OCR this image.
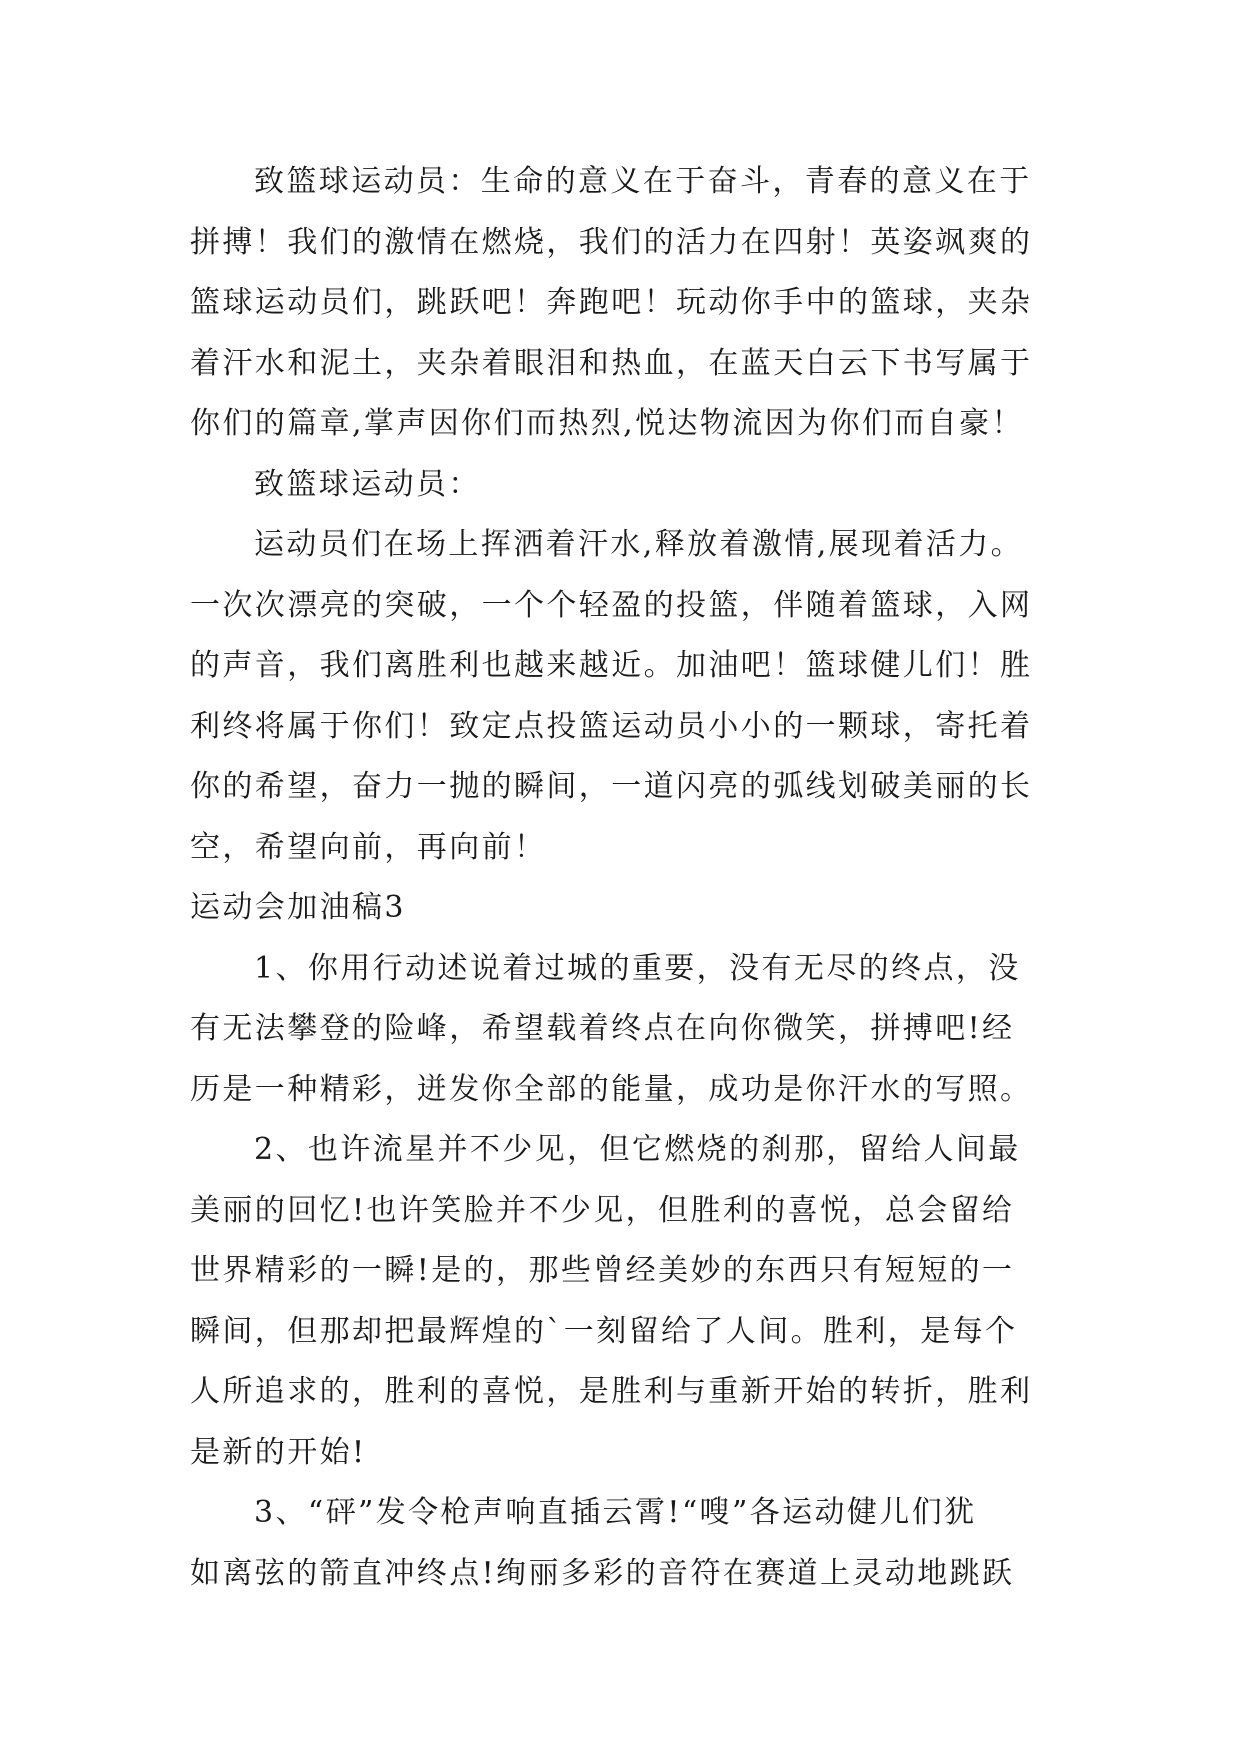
致篮球运动员：生命的意义在于奋斗，青春的意义在于
拼搏！我们的激情在燃烧，我们的活力在四射！英姿飒爽的
篮球运动员们，跳跃吧！奔跑吧！玩动你手中的篮球，夹杂
着汗水和泥土，夹杂着眼泪和热血，在蓝天白云下书写属于
你们的篇章,掌声因你们而热烈,悦达物流因为你们而自豪！

致篮球运动员：

运动员们在场上挥洒着汗水,释放着激情,展现着活力。
一次次漂亮的突破，一个个轻盈的投篮，伴随着篮球，入网
的声音，我们离胜利也越来越近。加油吧！篮球健儿们！胜
利终将属于你们！致定点投篮运动员小小的一颗球，寄托着
你的希望，奋力一抛的瞬间，一道闪亮的弧线划破美丽的长
空，希望向前，再向前！

运动会加油稿3

1、你用行动述说着过城的重要，没有无尽的终点，没
有无法攀登的险峰，希望载着终点在向你微笑，拼搏吧!经
历是一种精彩，迸发你全部的能量，成功是你汗水的写照。

2、也许流星并不少见，但它燃烧的刹那，留给人间最
美丽的回忆!也许笑脸并不少见，但胜利的喜悦，总会留给
世界精彩的一瞬!是的，那些曾经美妙的东西只有短短的一
瞬间，但那却把最辉煌的`一刻留给了人间。胜利，是每个
人所追求的，胜利的喜悦，是胜利与重新开始的转折，胜利
是新的开始!

3、“砰”发令枪声响直插云霄!“嗖”各运动健儿们犹
如离弦的箭直冲终点!绚丽多彩的音符在赛道上灵动地跳跃
